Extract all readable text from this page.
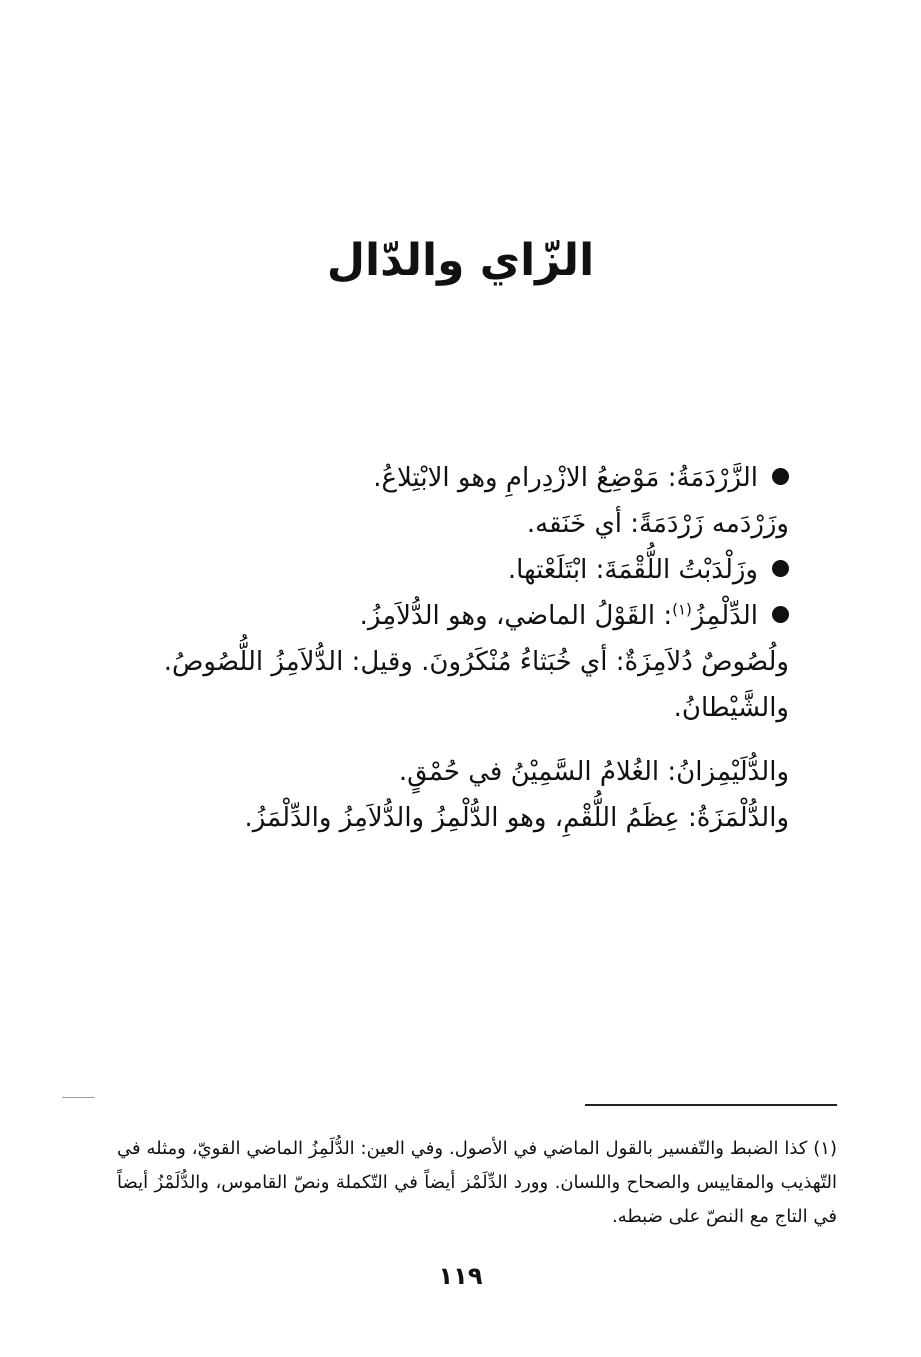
الزّاي والدّال

الزَّرْدَمَةُ: مَوْضِعُ الازْدِرامِ وهو الابْتِلاعُ.

وزَرْدَمه زَرْدَمَةً: أي خَنَقه.

وزَلْدَبْتُ اللُّقْمَةَ: ابْتَلَعْتها.

الدِّلْمِزُ$^{(١)}$: القَوْلُ الماضي، وهو الدُّلاَمِزُ.

ولُصُوصٌ دُلاَمِزَةٌ: أي خُبَثاءُ مُنْكَرُونَ. وقيل: الدُّلاَمِزُ اللُّصُوصُ. والشَّيْطانُ.

والدُّلَيْمِزانُ: الغُلامُ السَّمِيْنُ في حُمْقٍ.

والدُّلْمَزَةُ: عِظَمُ اللُّقْمِ، وهو الدُّلْمِزُ والدُّلاَمِزُ والدِّلْمَزُ.

(١) كذا الضبط والتّفسير بالقول الماضي في الأصول. وفي العين: الدُّلَمِزُ الماضي القويّ، ومثله في التّهذيب والمقاييس والصحاح واللسان. وورد الدِّلَمْز أيضاً في التّكملة ونصّ القاموس، والدُّلَمْزُ أيضاً في التاج مع النصّ على ضبطه.

١١٩
